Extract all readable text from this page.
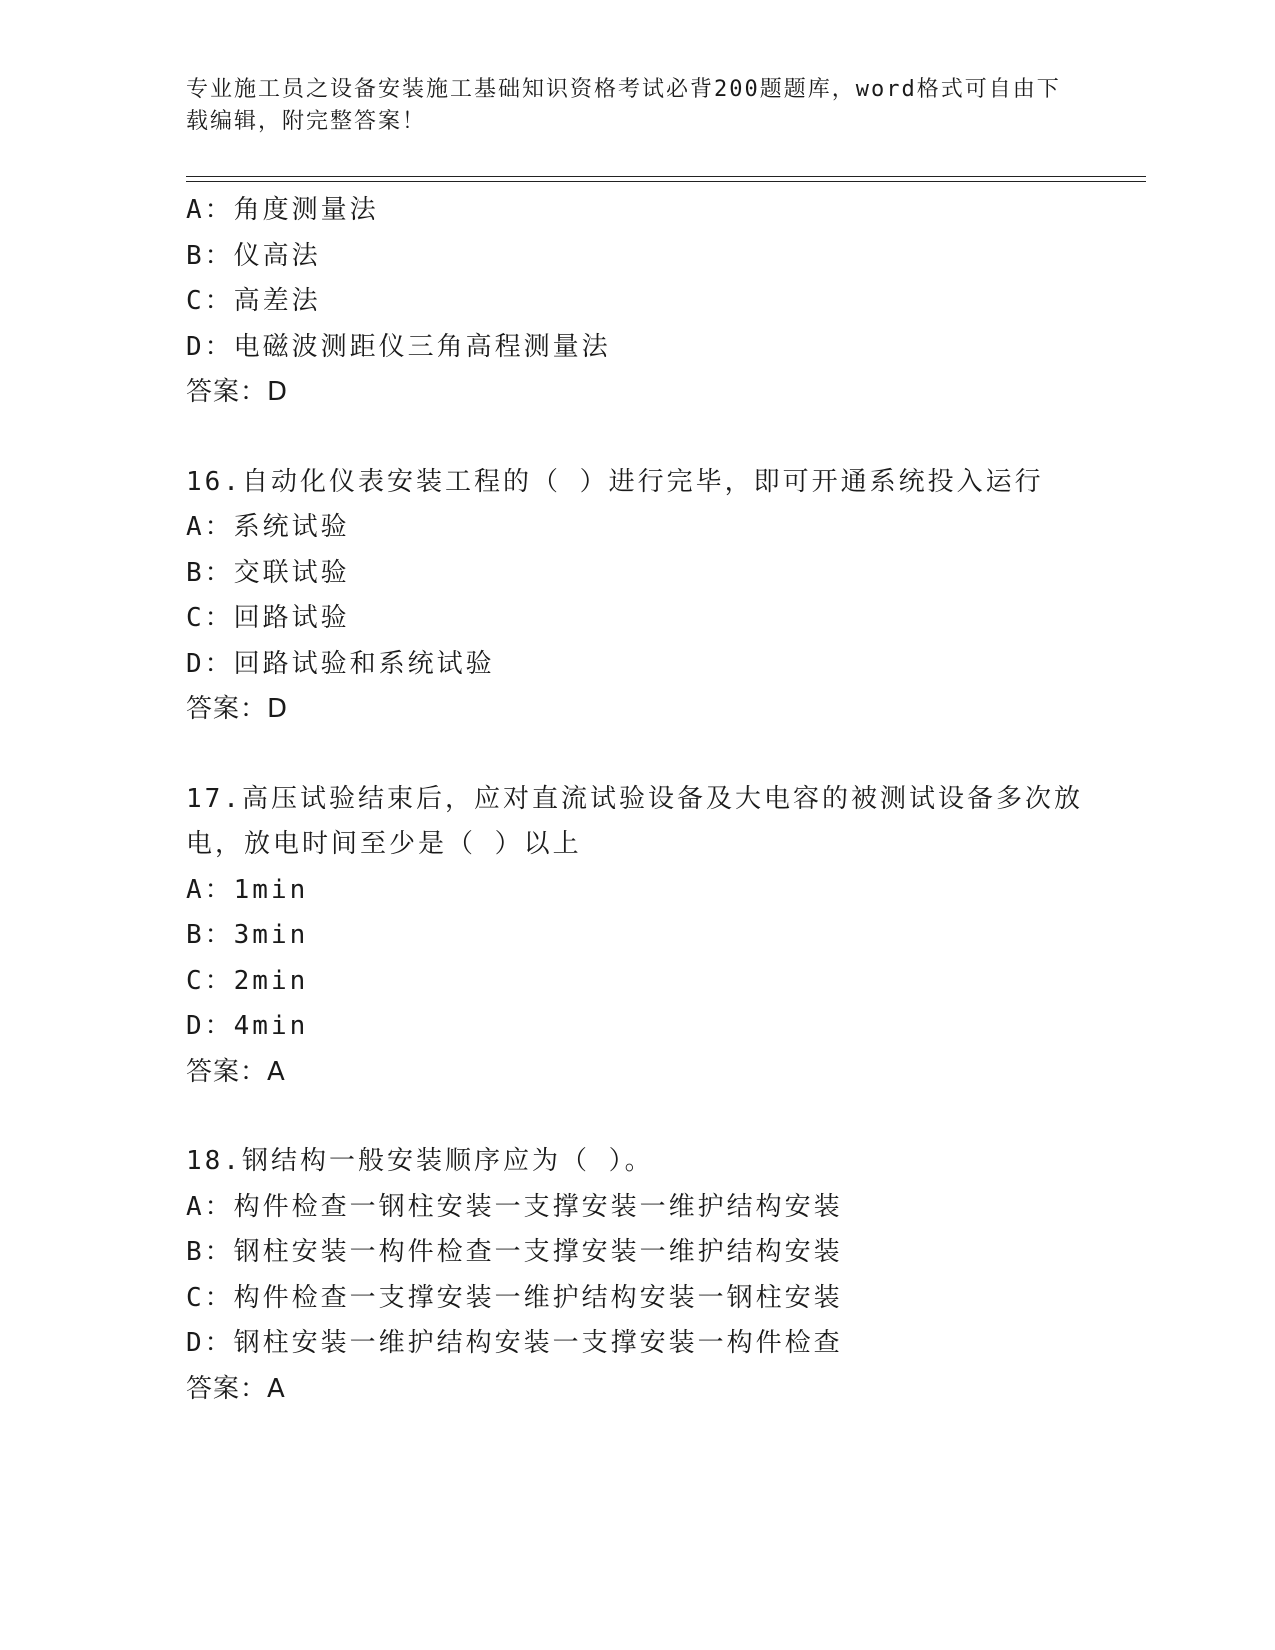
专业施工员之设备安装施工基础知识资格考试必背200题题库，word格式可自由下载编辑，附完整答案！
A：角度测量法
B：仪高法
C：高差法
D：电磁波测距仪三角高程测量法
答案：D
16.自动化仪表安装工程的（ ）进行完毕，即可开通系统投入运行
A：系统试验
B：交联试验
C：回路试验
D：回路试验和系统试验
答案：D
17.高压试验结束后，应对直流试验设备及大电容的被测试设备多次放电，放电时间至少是（ ）以上
A：1min
B：3min
C：2min
D：4min
答案：A
18.钢结构一般安装顺序应为（ ）。
A：构件检查一钢柱安装一支撑安装一维护结构安装
B：钢柱安装一构件检查一支撑安装一维护结构安装
C：构件检查一支撑安装一维护结构安装一钢柱安装
D：钢柱安装一维护结构安装一支撑安装一构件检查
答案：A
